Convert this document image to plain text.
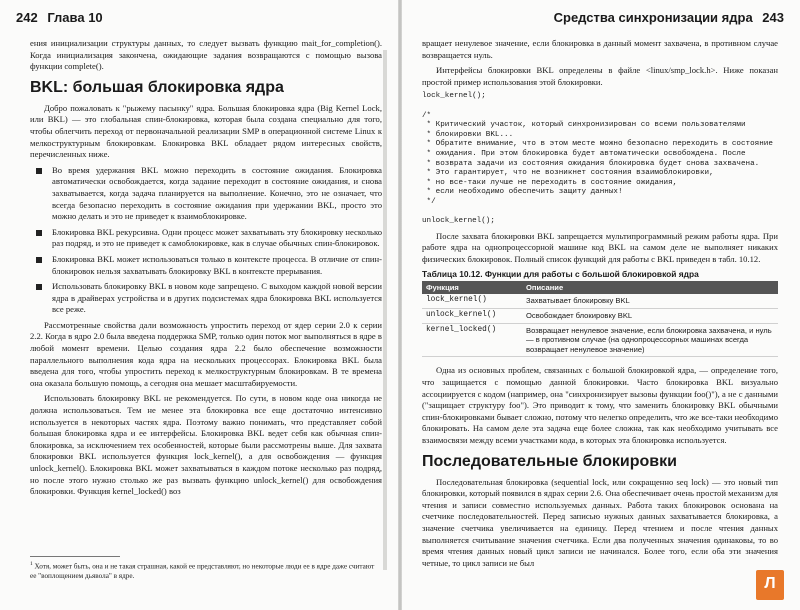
242 Глава 10

ения инициализации структуры данных, то следует вызвать функцию mait_for_completion(). Когда инициализация закончена, ожидающие задания возвращаются с помощью вызова функции complete().

BKL: большая блокировка ядра

Добро пожаловать к "рыжему пасынку" ядра. Большая блокировка ядра (Big Kernel Lock, или BKL) — это глобальная спин-блокировка, которая была создана специально для того, чтобы облегчить переход от первоначальной реализации SMP в операционной системе Linux к мелкоструктурным блокировкам. Блокировка BKL обладает рядом интересных свойств, перечисленных ниже.

Во время удержания BKL можно переходить в состояние ожидания. Блокировка автоматически освобождается, когда задание переходит в состояние ожидания, и снова захватывается, когда задача планируется на выполнение. Конечно, это не означает, что всегда безопасно переходить в состояние ожидания при удержании BKL, просто это можно делать и это не приведет к взаимоблокировке.
Блокировка BKL рекурсивна. Одни процесс может захватывать эту блокировку несколько раз подряд, и это не приведет к самоблокировке, как в случае обычных спин-блокировок.
Блокировка BKL может использоваться только в контексте процесса. В отличие от спин-блокировок нельзя захватывать блокировку BKL в контексте прерывания.
Использовать блокировку BKL в новом коде запрещено. С выходом каждой новой версии ядра в драйверах устройства и в других подсистемах ядра блокировка BKL используется все реже.

Рассмотренные свойства дали возможность упростить переход от ядер серии 2.0 к серии 2.2. Когда в ядро 2.0 была введена поддержка SMP, только один поток мог выполняться в ядре в любой момент времени. Целью создания ядра 2.2 было обеспечение возможности параллельного выполнения кода ядра на нескольких процессорах. Блокировка BKL была введена для того, чтобы упростить переход к мелкоструктурным блокировкам. В те времена она оказала большую помощь, а сегодня она мешает масштабируемости.

Использовать блокировку BKL не рекомендуется. По сути, в новом коде она никогда не должна использоваться. Тем не менее эта блокировка все еще достаточно интенсивно используется в некоторых частях ядра. Поэтому важно понимать, что представляет собой большая блокировка ядра и ее интерфейсы. Блокировка BKL ведет себя как обычная спин-блокировка, за исключением тех особенностей, которые были рассмотрены выше. Для захвата блокировки BKL используется функция lock_kernel(), а для освобождения — функция unlock_kernel(). Блокировка BKL может захватываться в каждом потоке несколько раз подряд, но после этого нужно столько же раз вызвать функцию unlock_kernel() для освобождения блокировки. Функция kernel_locked() воз

$^1$ Хотя, может быть, она и не такая страшная, какой ее представляют, но некоторые люди ее в ядре даже считают ее "воплощением дьявола" в ядре.
Средства синхронизации ядра 243

вращает ненулевое значение, если блокировка в данный момент захвачена, в противном случае возвращается нуль.

Интерфейсы блокировки BKL определены в файле <linux/smp_lock.h>. Ниже показан простой пример использования этой блокировки.

lock_kernel();

/*
* Критический участок, который синхронизирован со всеми пользователями
* блокировки BKL...
* Обратите внимание, что в этом месте можно безопасно переходить в состояние
* ожидания. При этом блокировка будет автоматически освобождена. После
* возврата задачи из состояния ожидания блокировка будет снова захвачена.
* Это гарантирует, что не возникнет состояния взаимоблокировки,
* но все-таки лучше не переходить в состояние ожидания,
* если необходимо обеспечить защиту данных!
*/

unlock_kernel();

После захвата блокировки BKL запрещается мультипрограммный режим работы ядра. При работе ядра на однопроцессорной машине код BKL на самом деле не выполняет никаких физических блокировок. Полный список функций для работы с BKL приведен в табл. 10.12.

Таблица 10.12. Функции для работы с большой блокировкой ядра
Функция	Описание
lock_kernel()	Захватывает блокировку BKL
unlock_kernel()	Освобождает блокировку BKL
kernel_locked()	Возвращает ненулевое значение, если блокировка захвачена, и нуль — в противном случае (на однопроцессорных машинах всегда возвращает ненулевое значение)

Одна из основных проблем, связанных с большой блокировкой ядра, — определение того, что защищается с помощью данной блокировки. Часто блокировка BKL визуально ассоциируется с кодом (например, она "синхронизирует вызовы функции foo()"), а не с данными ("защищает структуру foo"). Это приводит к тому, что заменить блокировку BKL обычными спин-блокировками бывает сложно, потому что нелегко определить, что же все-таки необходимо блокировать. На самом деле эта задача еще более сложна, так как необходимо учитывать все взаимосвязи между всеми участками кода, в которых эта блокировка используется.

Последовательные блокировки

Последовательная блокировка (sequential lock, или сокращенно seq lock) — это новый тип блокировки, который появился в ядрах серии 2.6. Она обеспечивает очень простой механизм для чтения и записи совместно используемых данных. Работа таких блокировок основана на счетчике последовательностей. Перед записью нужных данных захватывается блокировка, а значение счетчика увеличивается на единицу. Перед чтением и после чтения данных выполняется считывание значения счетчика. Если два полученных значения одинаковы, то во время чтения данных новый цикл записи не начинался. Более того, если оба эти значения четные, то цикл записи не был

Л
